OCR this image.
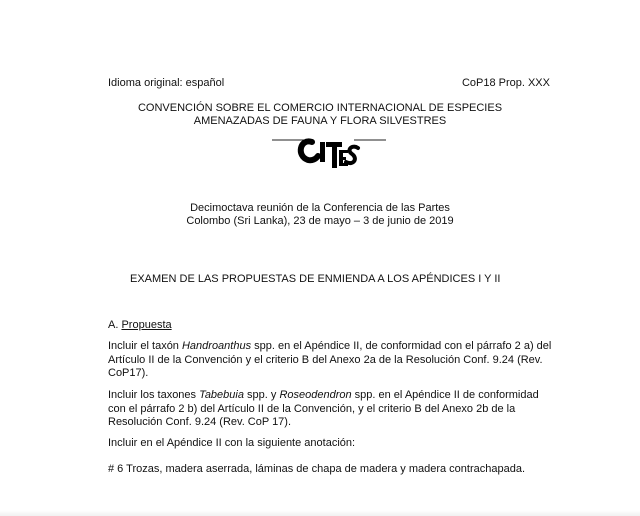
Idioma original: español	CoP18 Prop. XXX
CONVENCIÓN SOBRE EL COMERCIO INTERNACIONAL DE ESPECIES
AMENAZADAS DE FAUNA Y FLORA SILVESTRES
CITES
Decimoctava reunión de la Conferencia de las Partes
Colombo (Sri Lanka), 23 de mayo – 3 de junio de 2019
EXAMEN DE LAS PROPUESTAS DE ENMIENDA A LOS APÉNDICES I Y II
A. Propuesta
Incluir el taxón Handroanthus spp. en el Apéndice II, de conformidad con el párrafo 2 a) del Artículo II de la Convención y el criterio B del Anexo 2a de la Resolución Conf. 9.24 (Rev. CoP17).
Incluir los taxones Tabebuia spp. y Roseodendron spp. en el Apéndice II de conformidad con el párrafo 2 b) del Artículo II de la Convención, y el criterio B del Anexo 2b de la Resolución Conf. 9.24 (Rev. CoP 17).
Incluir en el Apéndice II con la siguiente anotación:
# 6 Trozas, madera aserrada, láminas de chapa de madera y madera contrachapada.
